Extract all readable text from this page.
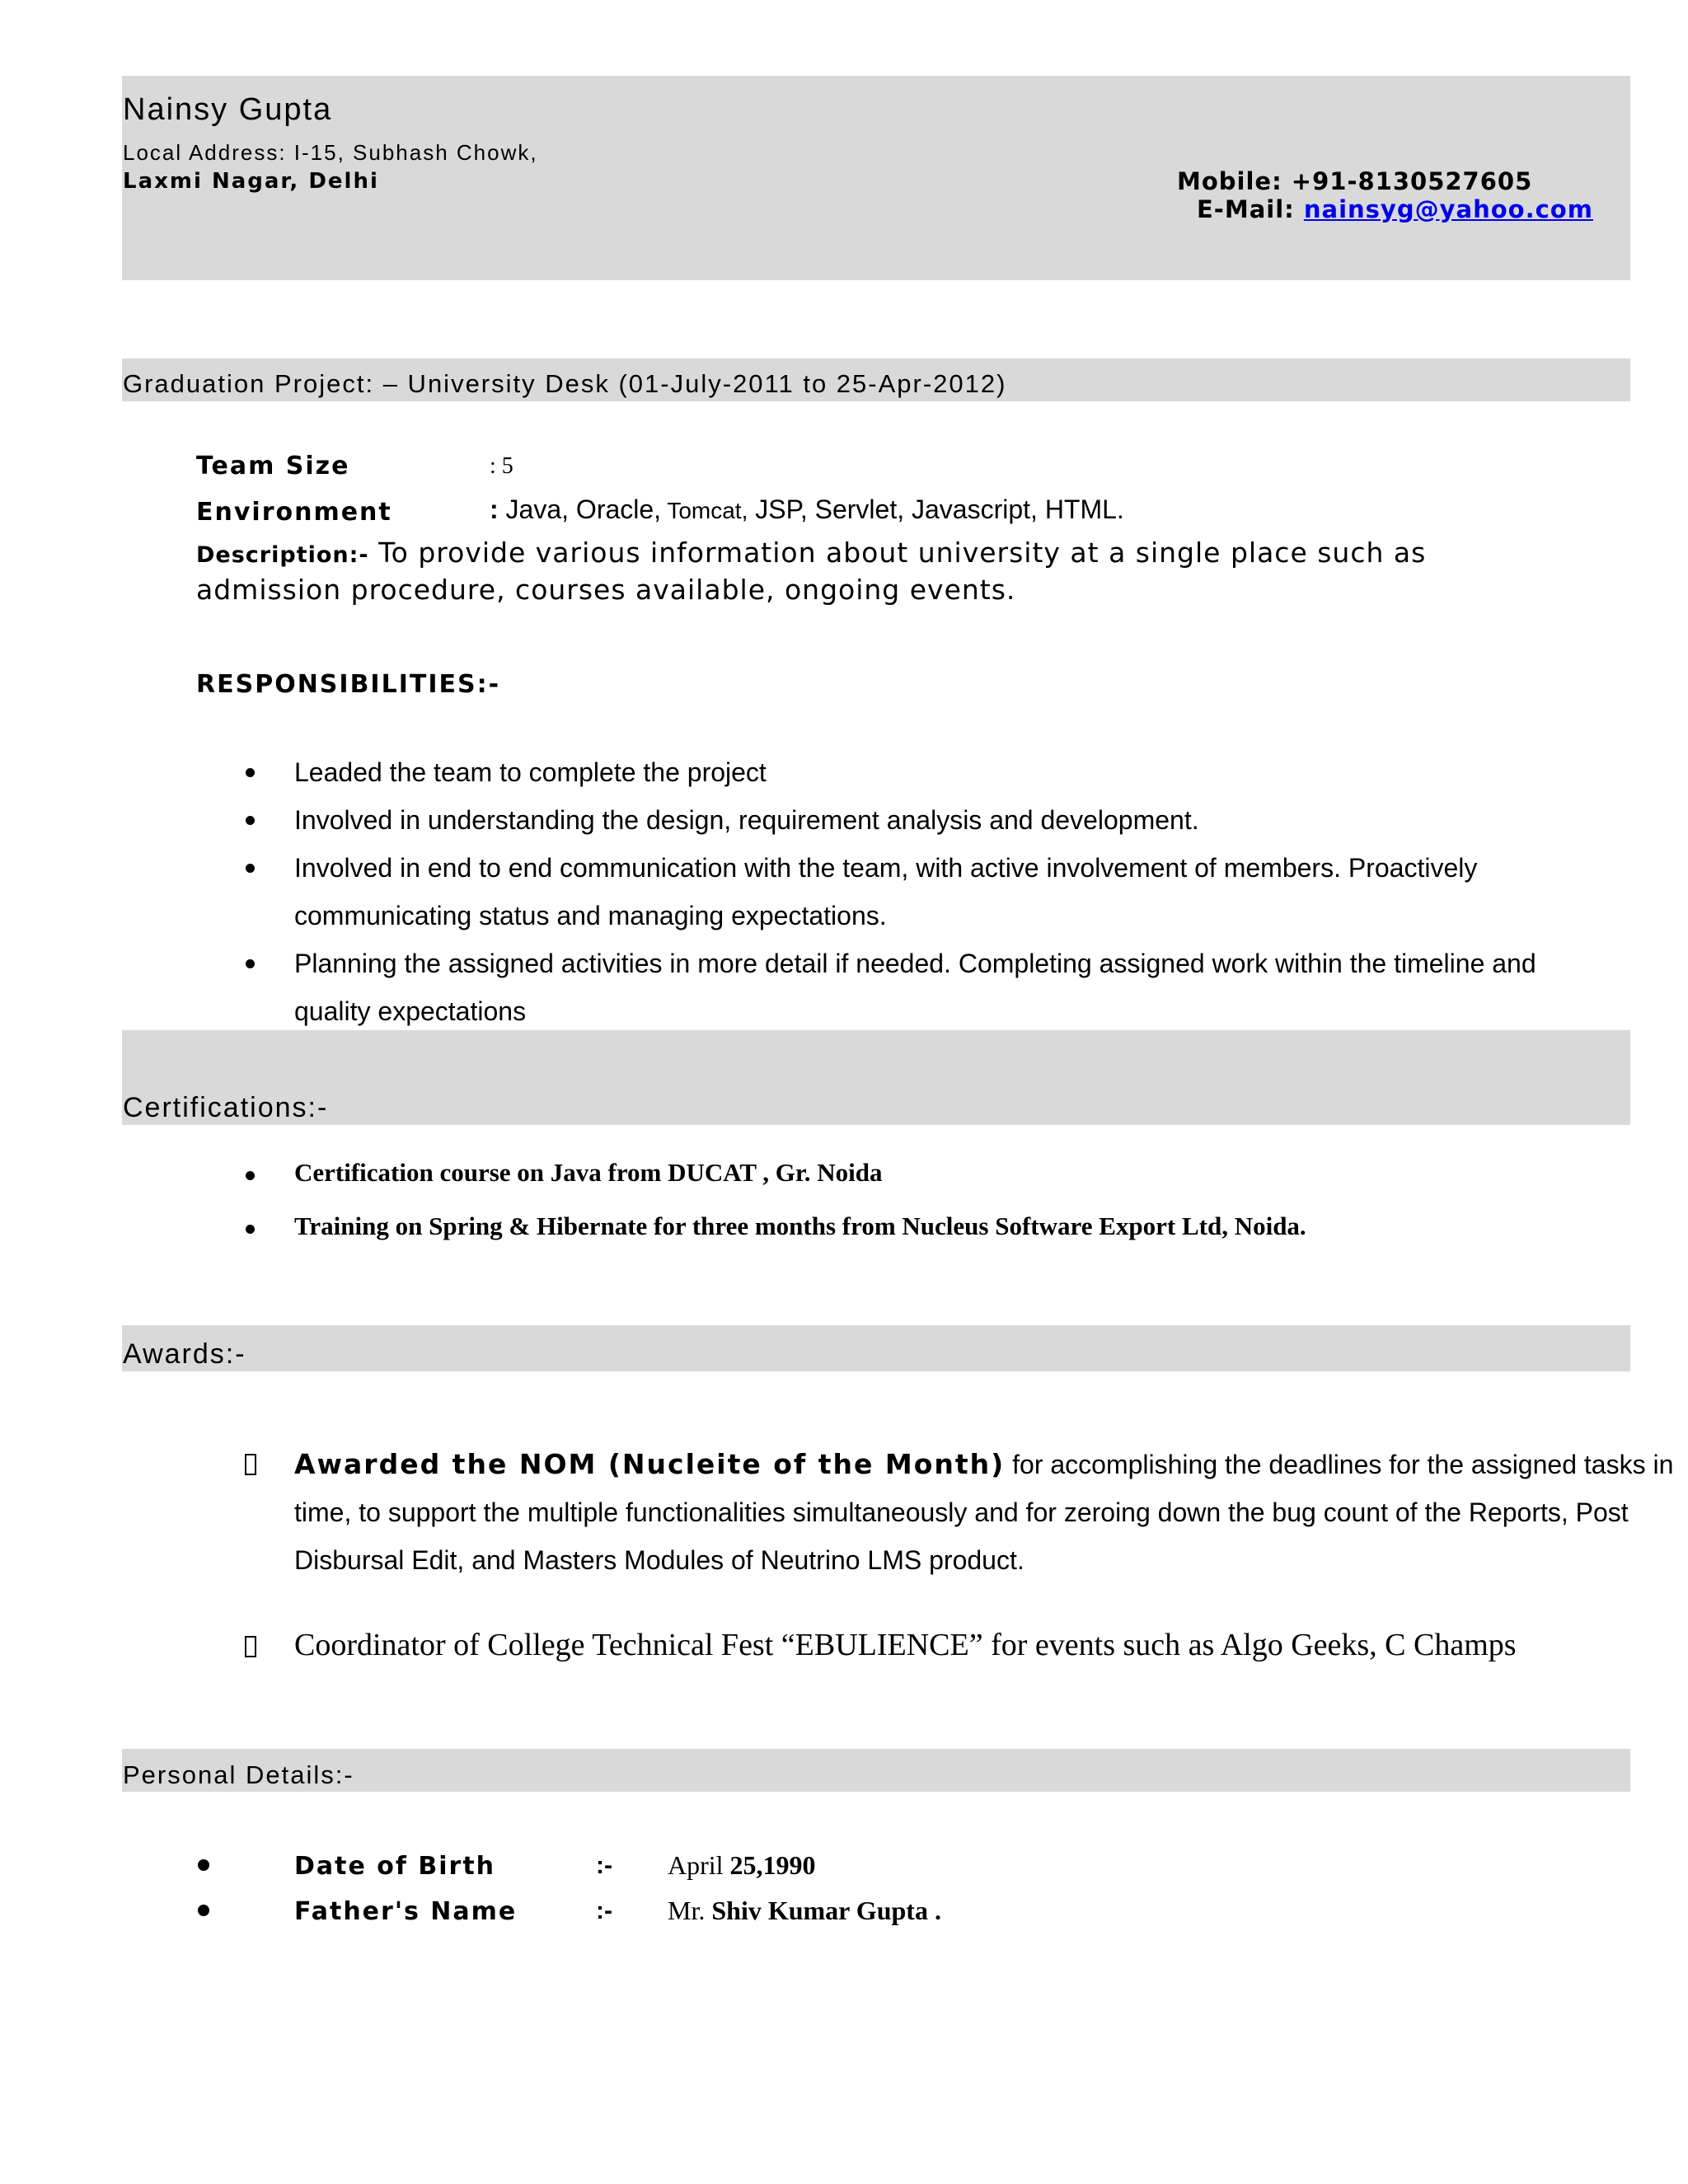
Nainsy Gupta
Local Address: I-15, Subhash Chowk,
Laxmi Nagar, Delhi	Mobile: +91-8130527605
E-Mail: nainsyg@yahoo.com
Graduation Project: – University Desk (01-July-2011 to 25-Apr-2012)
Team Size	: 5
Environment	: Java, Oracle, Tomcat, JSP, Servlet, Javascript, HTML.
Description:- To provide various information about university at a single place such as admission procedure, courses available, ongoing events.
RESPONSIBILITIES:-
Leaded the team to complete the project
Involved in understanding the design, requirement analysis and development.
Involved in end to end communication with the team, with active involvement of members. Proactively
communicating status and managing expectations.
Planning the assigned activities in more detail if needed. Completing assigned work within the timeline and
quality expectations
Certifications:-
Certification course on Java from DUCAT , Gr. Noida
Training on Spring & Hibernate for three months from Nucleus Software Export Ltd, Noida.
Awards:-
Awarded the NOM (Nucleite of the Month) for accomplishing the deadlines for the assigned tasks in time, to support the multiple functionalities simultaneously and for zeroing down the bug count of the Reports, Post Disbursal Edit, and Masters Modules of Neutrino LMS product.
Coordinator of College Technical Fest “EBULIENCE” for events such as Algo Geeks, C Champs
Personal Details:-
Date of Birth	:- April 25,1990
Father's Name	:- Mr. Shiv Kumar Gupta .
